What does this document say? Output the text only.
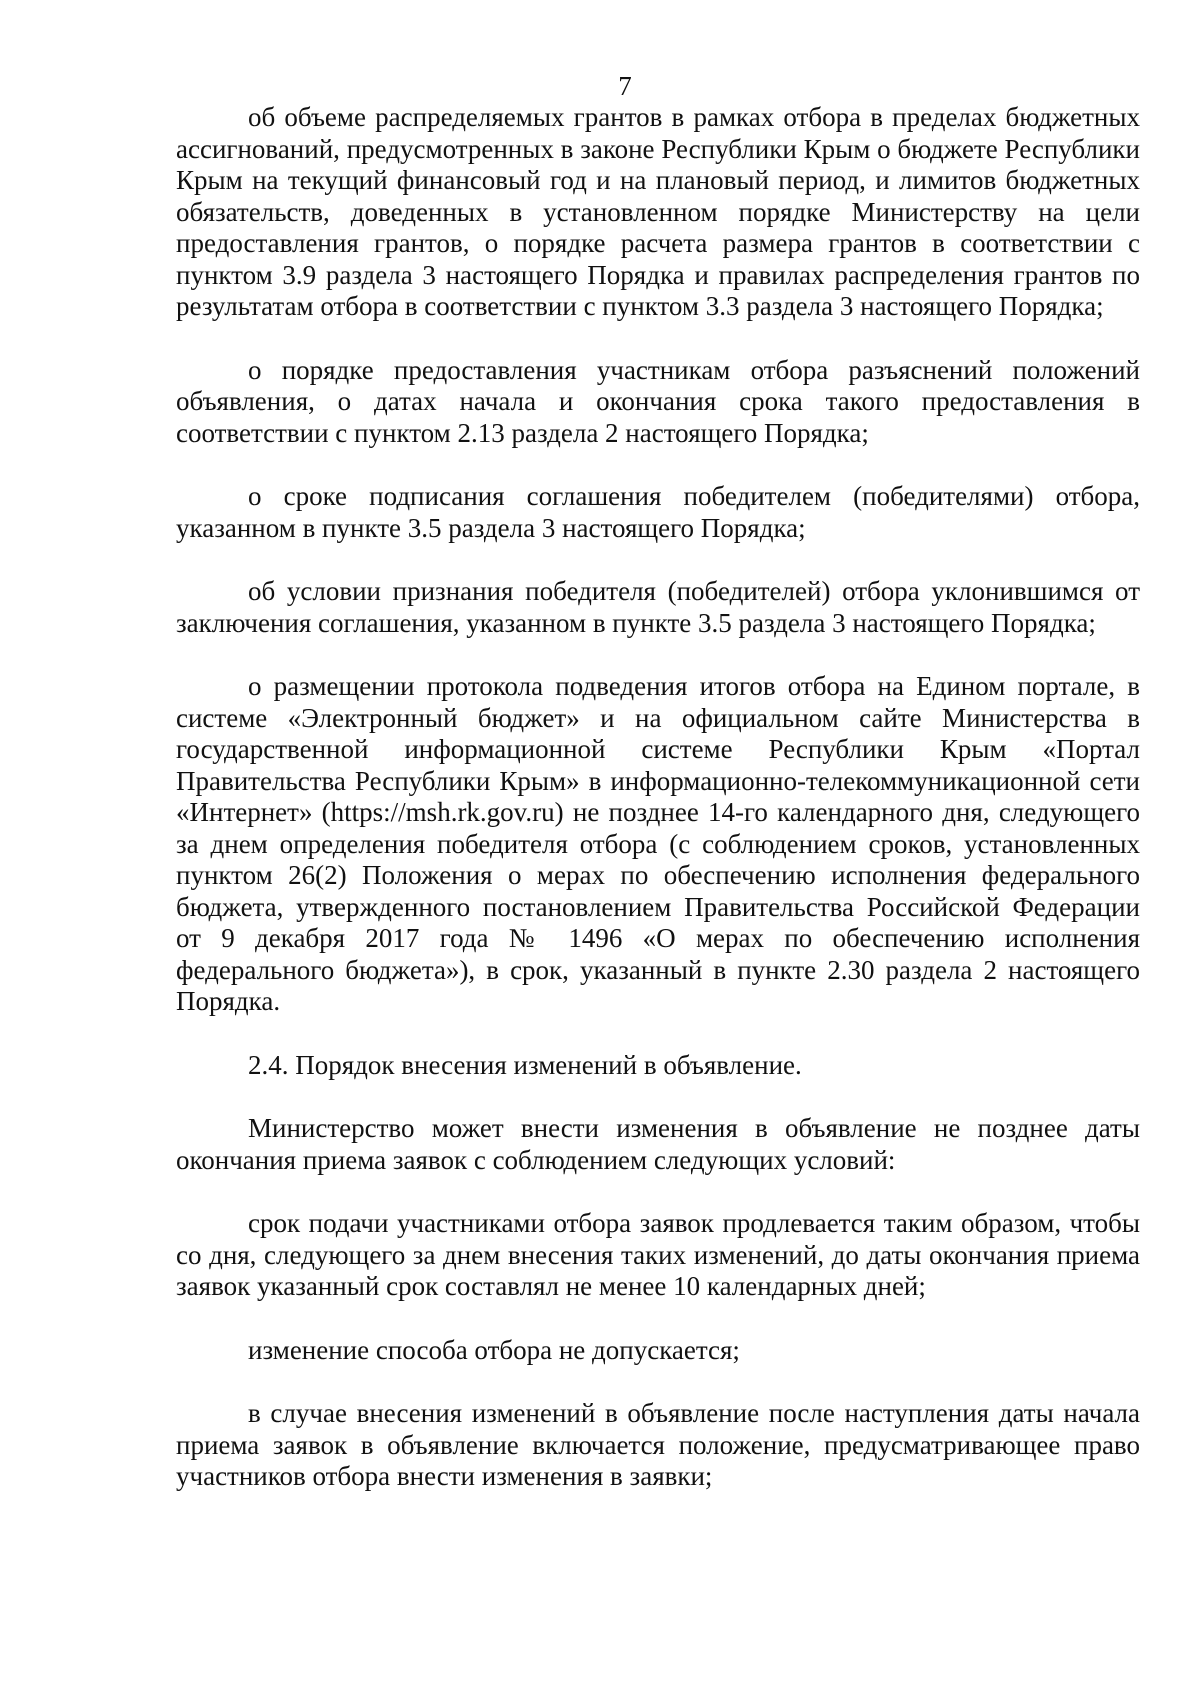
7

об объеме распределяемых грантов в рамках отбора в пределах бюджетных ассигнований, предусмотренных в законе Республики Крым о бюджете Республики Крым на текущий финансовый год и на плановый период, и лимитов бюджетных обязательств, доведенных в установленном порядке Министерству на цели предоставления грантов, о порядке расчета размера грантов в соответствии с пунктом 3.9 раздела 3 настоящего Порядка и правилах распределения грантов по результатам отбора в соответствии с пунктом 3.3 раздела 3 настоящего Порядка;

о порядке предоставления участникам отбора разъяснений положений объявления, о датах начала и окончания срока такого предоставления в соответствии с пунктом 2.13 раздела 2 настоящего Порядка;

о сроке подписания соглашения победителем (победителями) отбора, указанном в пункте 3.5 раздела 3 настоящего Порядка;

об условии признания победителя (победителей) отбора уклонившимся от заключения соглашения, указанном в пункте 3.5 раздела 3 настоящего Порядка;

о размещении протокола подведения итогов отбора на Едином портале, в системе «Электронный бюджет» и на официальном сайте Министерства в государственной информационной системе Республики Крым «Портал Правительства Республики Крым» в информационно-телекоммуникационной сети «Интернет» (https://msh.rk.gov.ru) не позднее 14-го календарного дня, следующего за днем определения победителя отбора (с соблюдением сроков, установленных пунктом 26(2) Положения о мерах по обеспечению исполнения федерального бюджета, утвержденного постановлением Правительства Российской Федерации от 9 декабря 2017 года № 1496 «О мерах по обеспечению исполнения федерального бюджета»), в срок, указанный в пункте 2.30 раздела 2 настоящего Порядка.

2.4. Порядок внесения изменений в объявление.

Министерство может внести изменения в объявление не позднее даты окончания приема заявок с соблюдением следующих условий:

срок подачи участниками отбора заявок продлевается таким образом, чтобы со дня, следующего за днем внесения таких изменений, до даты окончания приема заявок указанный срок составлял не менее 10 календарных дней;

изменение способа отбора не допускается;

в случае внесения изменений в объявление после наступления даты начала приема заявок в объявление включается положение, предусматривающее право участников отбора внести изменения в заявки;
